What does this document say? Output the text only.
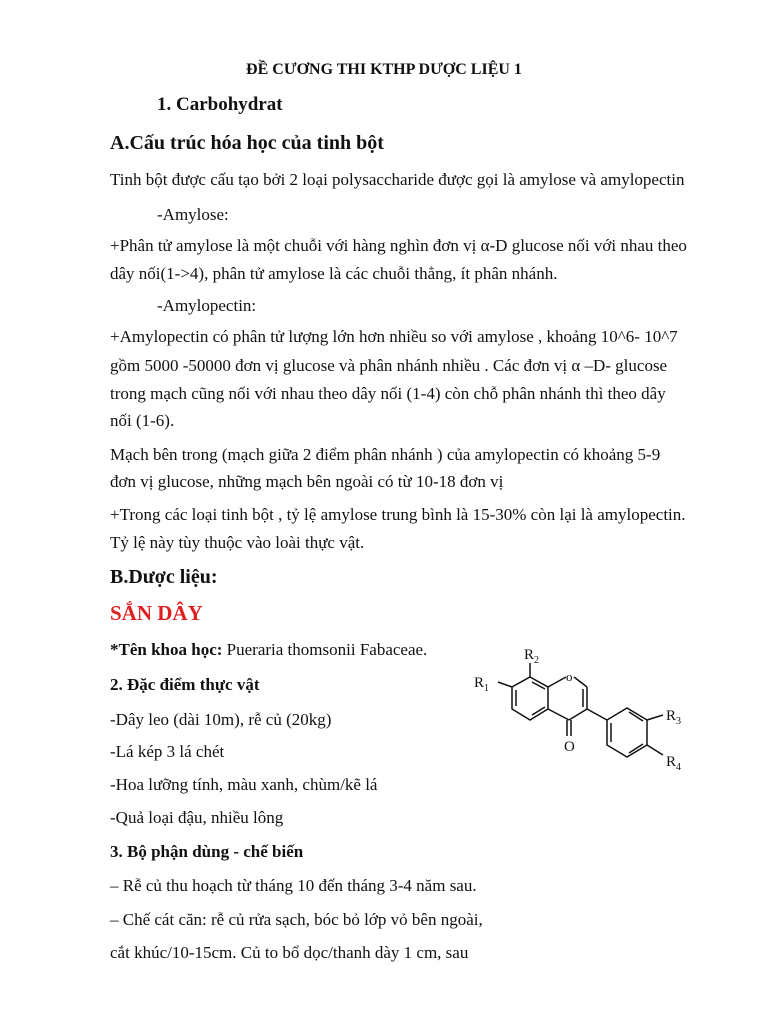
ĐỀ CƯƠNG THI KTHP DƯỢC LIỆU 1
1. Carbohydrat
A.Cấu trúc hóa học của tinh bột
Tinh bột được cấu tạo bởi 2 loại polysaccharide được gọi là amylose và amylopectin
-Amylose:
+Phân tử amylose là một chuỗi với hàng nghìn đơn vị α-D glucose nối với nhau theo
dây nối(1->4), phân tử amylose là các chuỗi thẳng, ít phân nhánh.
-Amylopectin:
+Amylopectin có phân tử lượng lớn hơn nhiều so với amylose , khoảng 10^6- 10^7
gồm 5000 -50000 đơn vị glucose và phân nhánh nhiều . Các đơn vị α –D- glucose
trong mạch cũng nối với nhau theo dây nối (1-4) còn chỗ phân nhánh thì theo dây
nối (1-6).
Mạch bên trong (mạch giữa 2 điểm phân nhánh ) của amylopectin có khoảng 5-9
đơn vị glucose, những mạch bên ngoài có từ 10-18 đơn vị
+Trong các loại tinh bột , tỷ lệ amylose trung bình là 15-30% còn lại là amylopectin.
Tỷ lệ này tùy thuộc vào loài thực vật.
B.Dược liệu:
SẮN DÂY
*Tên khoa học: Pueraria thomsonii Fabaceae.
2. Đặc điểm thực vật
-Dây leo (dài 10m), rễ củ (20kg)
-Lá kép 3 lá chét
-Hoa lưỡng tính, màu xanh, chùm/kẽ lá
-Quả loại đậu, nhiều lông
3. Bộ phận dùng - chế biến
– Rễ củ thu hoạch từ tháng 10 đến tháng 3-4 năm sau.
– Chế cát căn: rễ củ rửa sạch, bóc bỏ lớp vỏ bên ngoài,
cắt khúc/10-15cm. Củ to bổ dọc/thanh dày 1 cm, sau
o
O
$R_1$
$R_2$
$R_3$
$R_4$
